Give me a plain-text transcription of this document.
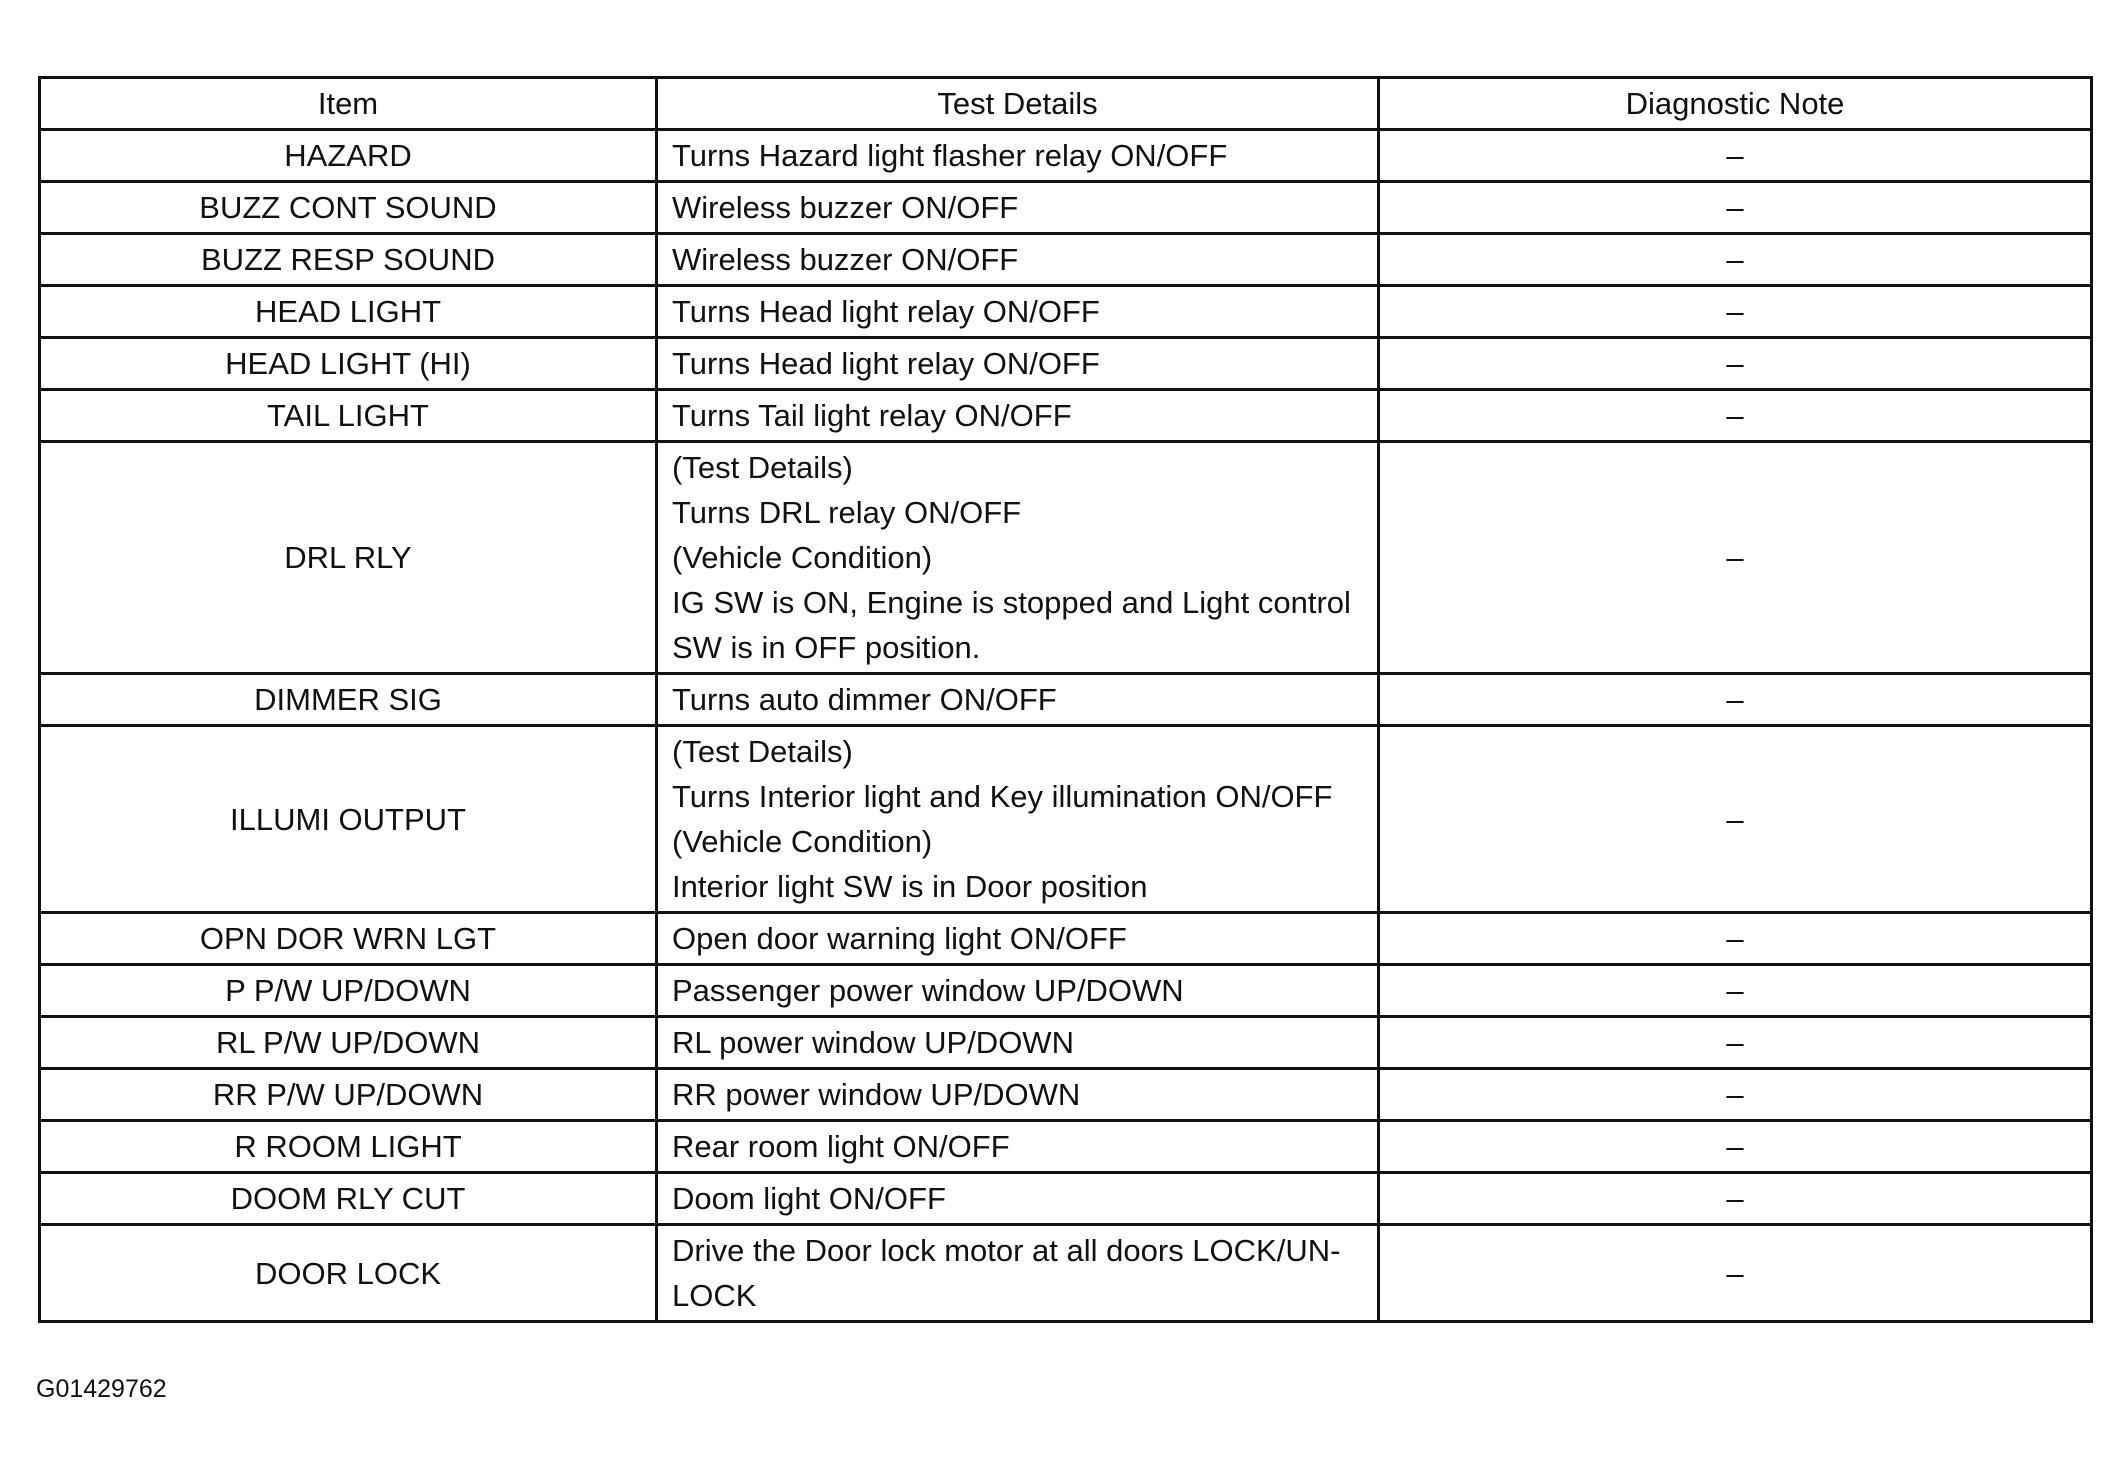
Item	Test Details	Diagnostic Note
HAZARD	Turns Hazard light flasher relay ON/OFF	–
BUZZ CONT SOUND	Wireless buzzer ON/OFF	–
BUZZ RESP SOUND	Wireless buzzer ON/OFF	–
HEAD LIGHT	Turns Head light relay ON/OFF	–
HEAD LIGHT (HI)	Turns Head light relay ON/OFF	–
TAIL LIGHT	Turns Tail light relay ON/OFF	–
DRL RLY	(Test Details)
Turns DRL relay ON/OFF
(Vehicle Condition)
IG SW is ON, Engine is stopped and Light control
SW is in OFF position.	–
DIMMER SIG	Turns auto dimmer ON/OFF	–
ILLUMI OUTPUT	(Test Details)
Turns Interior light and Key illumination ON/OFF
(Vehicle Condition)
Interior light SW is in Door position	–
OPN DOR WRN LGT	Open door warning light ON/OFF	–
P P/W UP/DOWN	Passenger power window UP/DOWN	–
RL P/W UP/DOWN	RL power window UP/DOWN	–
RR P/W UP/DOWN	RR power window UP/DOWN	–
R ROOM LIGHT	Rear room light ON/OFF	–
DOOM RLY CUT	Doom light ON/OFF	–
DOOR LOCK	Drive the Door lock motor at all doors LOCK/UN-
LOCK	–
G01429762
